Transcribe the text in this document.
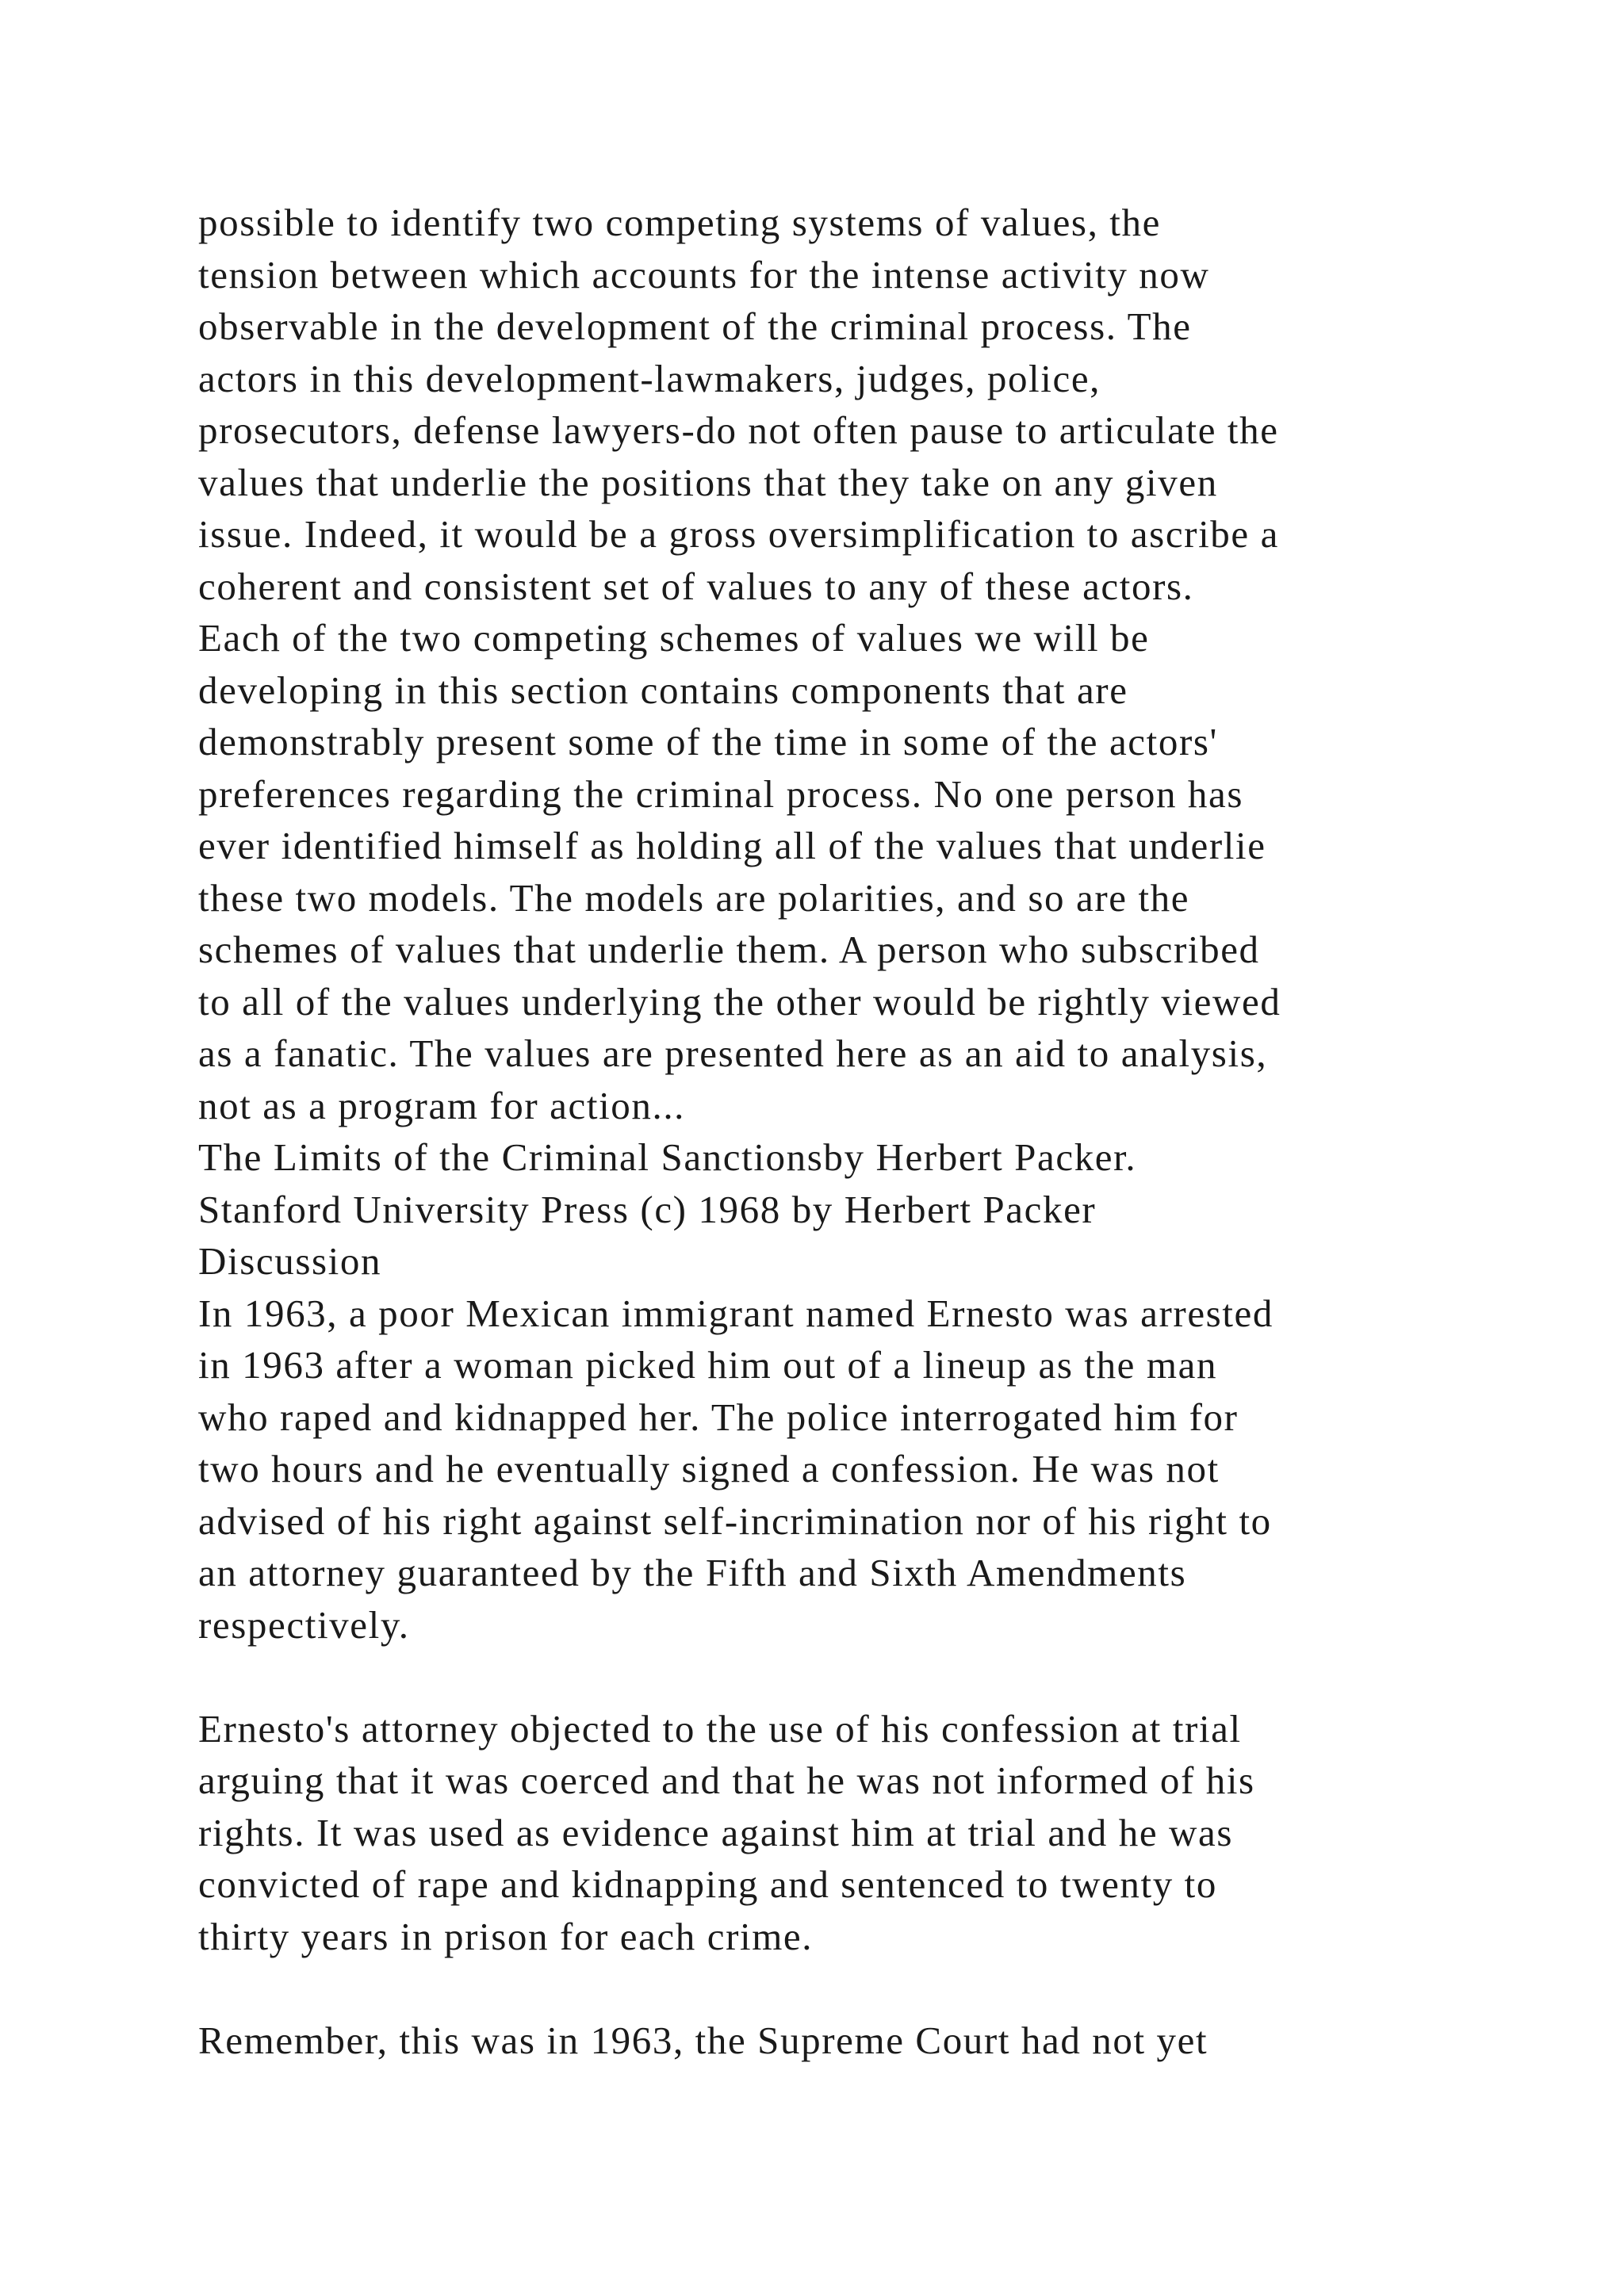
possible to identify two competing systems of values, the
tension between which accounts for the intense activity now
observable in the development of the criminal process. The
actors in this development-lawmakers, judges, police,
prosecutors, defense lawyers-do not often pause to articulate the
values that underlie the positions that they take on any given
issue. Indeed, it would be a gross oversimplification to ascribe a
coherent and consistent set of values to any of these actors.
Each of the two competing schemes of values we will be
developing in this section contains components that are
demonstrably present some of the time in some of the actors'
preferences regarding the criminal process. No one person has
ever identified himself as holding all of the values that underlie
these two models. The models are polarities, and so are the
schemes of values that underlie them. A person who subscribed
to all of the values underlying the other would be rightly viewed
as a fanatic. The values are presented here as an aid to analysis,
not as a program for action...
The Limits of the Criminal Sanctionsby Herbert Packer.
Stanford University Press (c) 1968 by Herbert Packer
Discussion
In 1963, a poor Mexican immigrant named Ernesto was arrested
in 1963 after a woman picked him out of a lineup as the man
who raped and kidnapped her. The police interrogated him for
two hours and he eventually signed a confession. He was not
advised of his right against self-incrimination nor of his right to
an attorney guaranteed by the Fifth and Sixth Amendments
respectively.
Ernesto's attorney objected to the use of his confession at trial
arguing that it was coerced and that he was not informed of his
rights. It was used as evidence against him at trial and he was
convicted of rape and kidnapping and sentenced to twenty to
thirty years in prison for each crime.
Remember, this was in 1963, the Supreme Court had not yet
